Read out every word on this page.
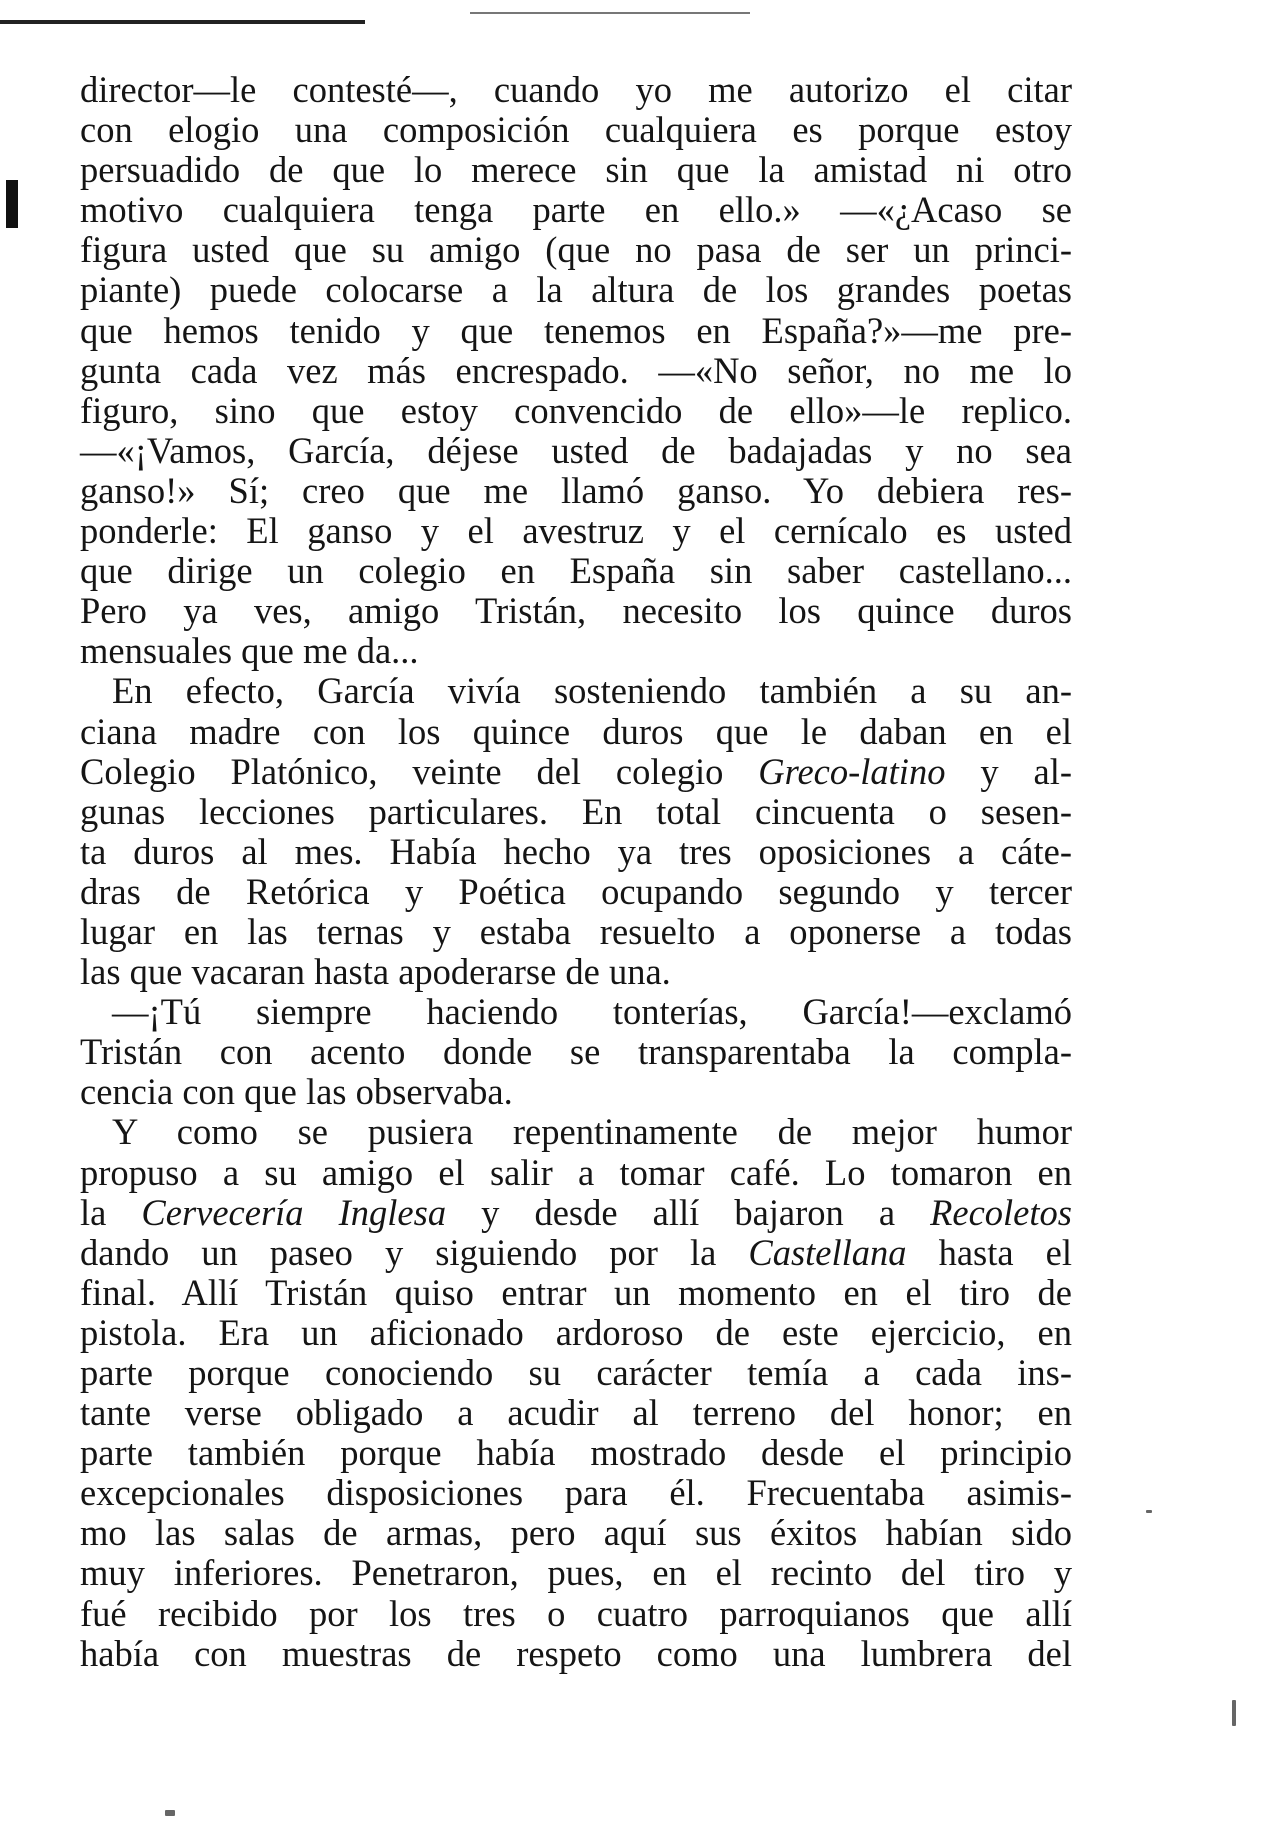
director—le contesté—, cuando yo me autorizo el citar
con elogio una composición cualquiera es porque estoy
persuadido de que lo merece sin que la amistad ni otro
motivo cualquiera tenga parte en ello.» —«¿Acaso se
figura usted que su amigo (que no pasa de ser un princi-
piante) puede colocarse a la altura de los grandes poetas
que hemos tenido y que tenemos en España?»—me pre-
gunta cada vez más encrespado. —«No señor, no me lo
figuro, sino que estoy convencido de ello»—le replico.
—«¡Vamos, García, déjese usted de badajadas y no sea
ganso!» Sí; creo que me llamó ganso. Yo debiera res-
ponderle: El ganso y el avestruz y el cernícalo es usted
que dirige un colegio en España sin saber castellano...
Pero ya ves, amigo Tristán, necesito los quince duros
mensuales que me da...
En efecto, García vivía sosteniendo también a su an-
ciana madre con los quince duros que le daban en el
Colegio Platónico, veinte del colegio Greco-latino y al-
gunas lecciones particulares. En total cincuenta o sesen-
ta duros al mes. Había hecho ya tres oposiciones a cáte-
dras de Retórica y Poética ocupando segundo y tercer
lugar en las ternas y estaba resuelto a oponerse a todas
las que vacaran hasta apoderarse de una.
—¡Tú siempre haciendo tonterías, García!—exclamó
Tristán con acento donde se transparentaba la compla-
cencia con que las observaba.
Y como se pusiera repentinamente de mejor humor
propuso a su amigo el salir a tomar café. Lo tomaron en
la Cervecería Inglesa y desde allí bajaron a Recoletos
dando un paseo y siguiendo por la Castellana hasta el
final. Allí Tristán quiso entrar un momento en el tiro de
pistola. Era un aficionado ardoroso de este ejercicio, en
parte porque conociendo su carácter temía a cada ins-
tante verse obligado a acudir al terreno del honor; en
parte también porque había mostrado desde el principio
excepcionales disposiciones para él. Frecuentaba asimis-
mo las salas de armas, pero aquí sus éxitos habían sido
muy inferiores. Penetraron, pues, en el recinto del tiro y
fué recibido por los tres o cuatro parroquianos que allí
había con muestras de respeto como una lumbrera del
